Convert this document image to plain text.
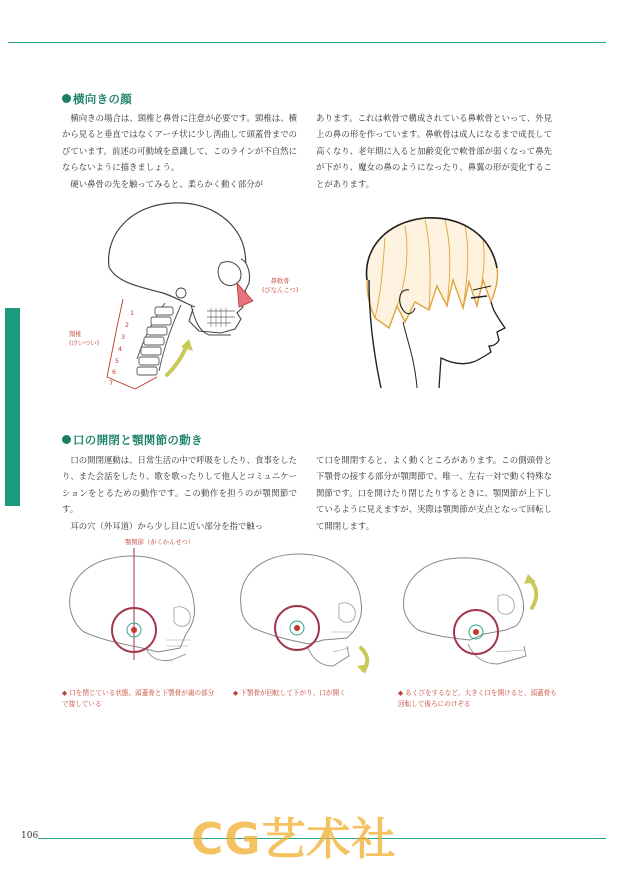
横向きの顔

横向きの場合は、頸椎と鼻骨に注意が必要です。頸椎は、横から見ると垂直ではなくアーチ状に少し湾曲して頭蓋骨までのびています。前述の可動域を意識して、このラインが不自然にならないように描きましょう。

硬い鼻骨の先を触ってみると、柔らかく動く部分が

あります。これは軟骨で構成されている鼻軟骨といって、外見上の鼻の形を作っています。鼻軟骨は成人になるまで成長して高くなり、老年期に入ると加齢変化で軟骨部が弱くなって鼻先が下がり、魔女の鼻のようになったり、鼻翼の形が変化することがあります。

1
2
3
4
5
6
7
頸椎
(けいつい)
鼻軟骨
(びなんこつ)
口の開閉と顎関節の動き

口の開閉運動は、日常生活の中で呼吸をしたり、食事をしたり、また会話をしたり、歌を歌ったりして他人とコミュニケーションをとるための動作です。この動作を担うのが顎関節です。

耳の穴（外耳道）から少し目に近い部分を指で触っ

て口を開閉すると、よく動くところがあります。この側頭骨と下顎骨の接する部分が顎関節で、唯一、左右一対で動く特殊な関節です。口を開けたり閉じたりするときに、顎関節が上下しているように見えますが、実際は顎関節が支点となって回転して開閉します。

顎関節（がくかんせつ）
◆ 口を閉じている状態。頭蓋骨と下顎骨が歯の部分で接している
◆ 下顎骨が回転して下がり、口が開く	◆ あくびをするなど、大きく口を開けると、頭蓋骨も回転して後ろにのけぞる
106	CG艺术社
